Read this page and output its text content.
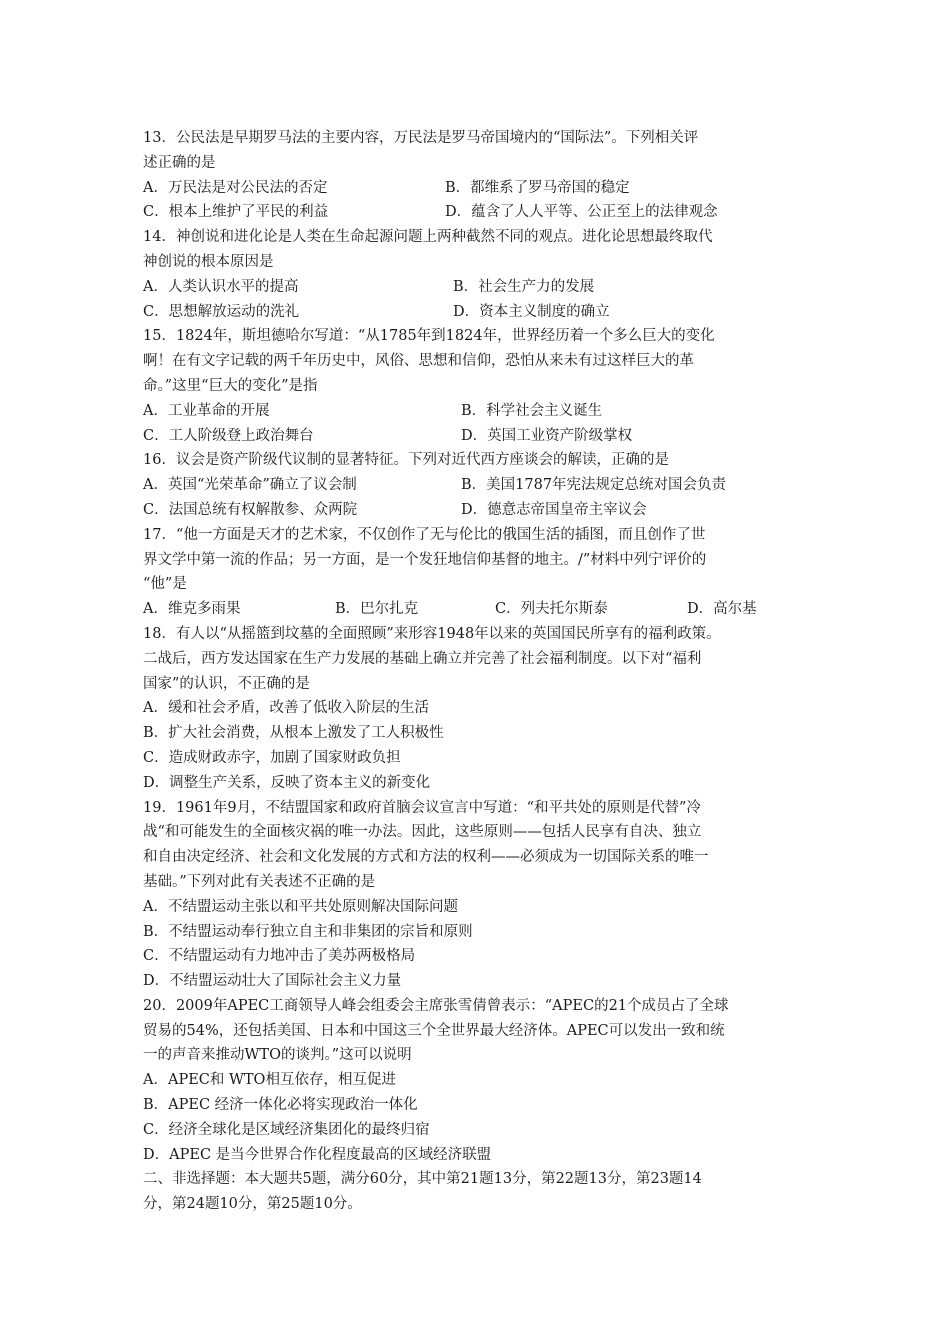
13．公民法是早期罗马法的主要内容，万民法是罗马帝国境内的“国际法”。下列相关评
述正确的是
A．万民法是对公民法的否定	B．都维系了罗马帝国的稳定
C．根本上维护了平民的利益	D．蕴含了人人平等、公正至上的法律观念
14．神创说和进化论是人类在生命起源问题上两种截然不同的观点。进化论思想最终取代
神创说的根本原因是
A．人类认识水平的提高	B．社会生产力的发展
C．思想解放运动的洗礼	D．资本主义制度的确立
15．1824年，斯坦德哈尔写道：“从1785年到1824年，世界经历着一个多么巨大的变化
啊！在有文字记载的两千年历史中，风俗、思想和信仰，恐怕从来未有过这样巨大的革
命。”这里“巨大的变化”是指
A．工业革命的开展	B．科学社会主义诞生
C．工人阶级登上政治舞台	D．英国工业资产阶级掌权
16．议会是资产阶级代议制的显著特征。下列对近代西方座谈会的解读，正确的是
A．英国“光荣革命”确立了议会制	B．美国1787年宪法规定总统对国会负责
C．法国总统有权解散参、众两院	D．德意志帝国皇帝主宰议会
17．“他一方面是天才的艺术家，不仅创作了无与伦比的俄国生活的插图，而且创作了世
界文学中第一流的作品；另一方面，是一个发狂地信仰基督的地主。/”材料中列宁评价的
“他”是
A．维克多雨果	B．巴尔扎克	C．列夫托尔斯泰	D．高尔基
18．有人以“从摇篮到坟墓的全面照顾”来形容1948年以来的英国国民所享有的福利政策。
二战后，西方发达国家在生产力发展的基础上确立并完善了社会福利制度。以下对“福利
国家”的认识，不正确的是
A．缓和社会矛盾，改善了低收入阶层的生活
B．扩大社会消费，从根本上激发了工人积极性
C．造成财政赤字，加剧了国家财政负担
D．调整生产关系，反映了资本主义的新变化
19．1961年9月，不结盟国家和政府首脑会议宣言中写道：“和平共处的原则是代替”冷
战“和可能发生的全面核灾祸的唯一办法。因此，这些原则——包括人民享有自决、独立
和自由决定经济、社会和文化发展的方式和方法的权利——必须成为一切国际关系的唯一
基础。”下列对此有关表述不正确的是
A．不结盟运动主张以和平共处原则解决国际问题
B．不结盟运动奉行独立自主和非集团的宗旨和原则
C．不结盟运动有力地冲击了美苏两极格局
D．不结盟运动壮大了国际社会主义力量
20．2009年APEC工商领导人峰会组委会主席张雪倩曾表示：“APEC的21个成员占了全球
贸易的54%，还包括美国、日本和中国这三个全世界最大经济体。APEC可以发出一致和统
一的声音来推动WTO的谈判。”这可以说明
A．APEC和 WTO相互依存，相互促进
B．APEC 经济一体化必将实现政治一体化
C．经济全球化是区域经济集团化的最终归宿
D．APEC 是当今世界合作化程度最高的区域经济联盟
二、非选择题：本大题共5题，满分60分，其中第21题13分，第22题13分，第23题14
分，第24题10分，第25题10分。
